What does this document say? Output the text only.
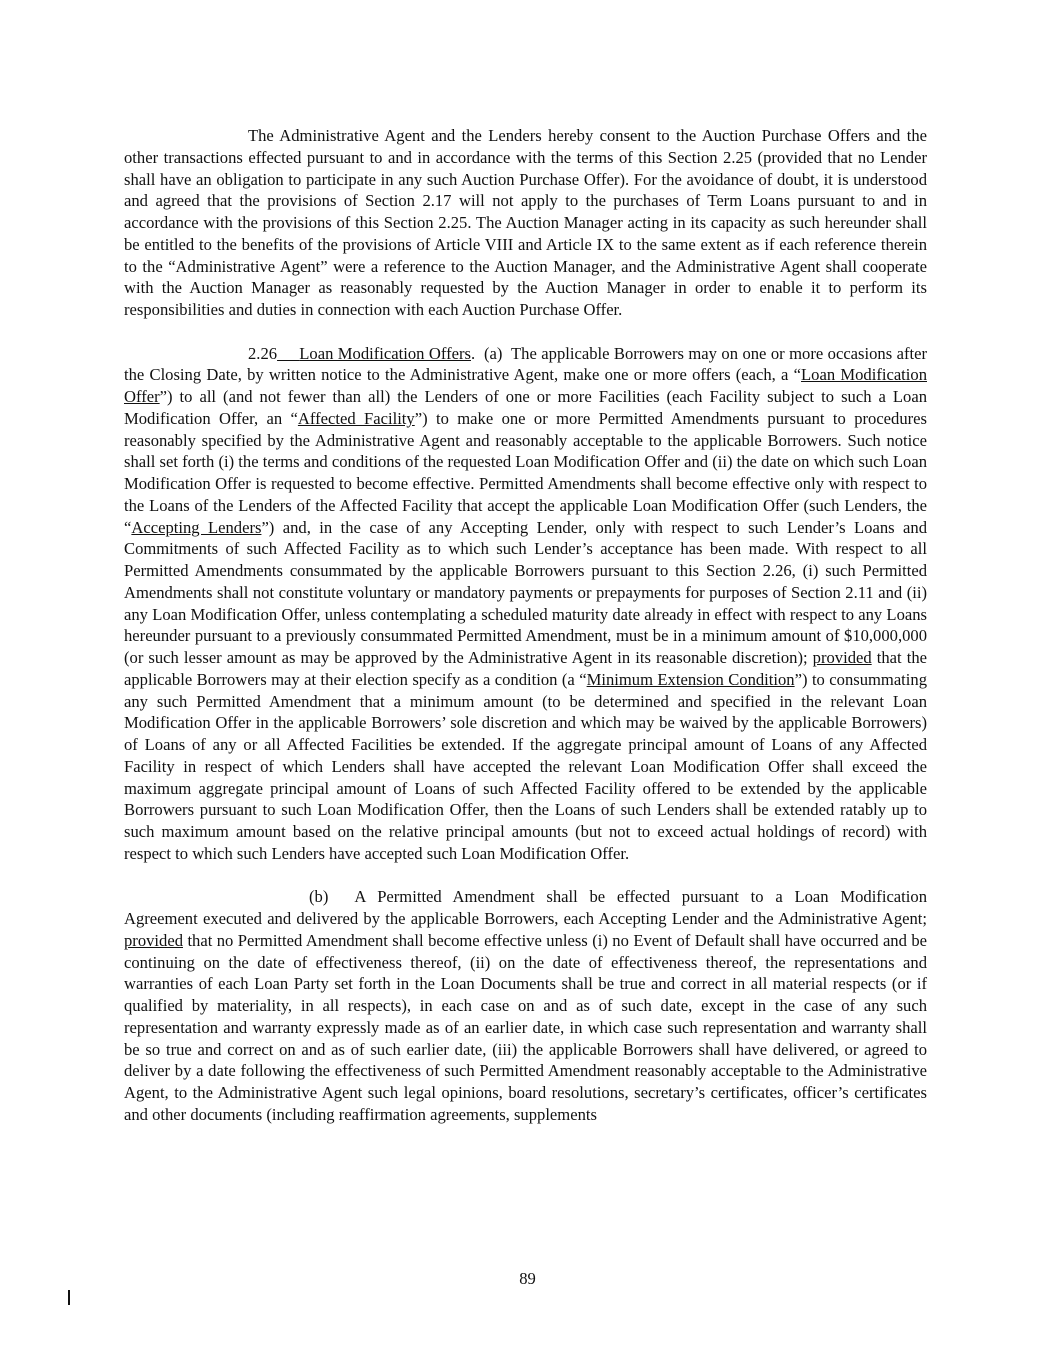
The Administrative Agent and the Lenders hereby consent to the Auction Purchase Offers and the other transactions effected pursuant to and in accordance with the terms of this Section 2.25 (provided that no Lender shall have an obligation to participate in any such Auction Purchase Offer). For the avoidance of doubt, it is understood and agreed that the provisions of Section 2.17 will not apply to the purchases of Term Loans pursuant to and in accordance with the provisions of this Section 2.25. The Auction Manager acting in its capacity as such hereunder shall be entitled to the benefits of the provisions of Article VIII and Article IX to the same extent as if each reference therein to the “Administrative Agent” were a reference to the Auction Manager, and the Administrative Agent shall cooperate with the Auction Manager as reasonably requested by the Auction Manager in order to enable it to perform its responsibilities and duties in connection with each Auction Purchase Offer.

2.26 Loan Modification Offers.  (a) The applicable Borrowers may on one or more occasions after the Closing Date, by written notice to the Administrative Agent, make one or more offers (each, a “Loan Modification Offer”) to all (and not fewer than all) the Lenders of one or more Facilities (each Facility subject to such a Loan Modification Offer, an “Affected Facility”) to make one or more Permitted Amendments pursuant to procedures reasonably specified by the Administrative Agent and reasonably acceptable to the applicable Borrowers. Such notice shall set forth (i) the terms and conditions of the requested Loan Modification Offer and (ii) the date on which such Loan Modification Offer is requested to become effective. Permitted Amendments shall become effective only with respect to the Loans of the Lenders of the Affected Facility that accept the applicable Loan Modification Offer (such Lenders, the “Accepting Lenders”) and, in the case of any Accepting Lender, only with respect to such Lender’s Loans and Commitments of such Affected Facility as to which such Lender’s acceptance has been made. With respect to all Permitted Amendments consummated by the applicable Borrowers pursuant to this Section 2.26, (i) such Permitted Amendments shall not constitute voluntary or mandatory payments or prepayments for purposes of Section 2.11 and (ii) any Loan Modification Offer, unless contemplating a scheduled maturity date already in effect with respect to any Loans hereunder pursuant to a previously consummated Permitted Amendment, must be in a minimum amount of $10,000,000 (or such lesser amount as may be approved by the Administrative Agent in its reasonable discretion); provided that the applicable Borrowers may at their election specify as a condition (a “Minimum Extension Condition”) to consummating any such Permitted Amendment that a minimum amount (to be determined and specified in the relevant Loan Modification Offer in the applicable Borrowers’ sole discretion and which may be waived by the applicable Borrowers) of Loans of any or all Affected Facilities be extended. If the aggregate principal amount of Loans of any Affected Facility in respect of which Lenders shall have accepted the relevant Loan Modification Offer shall exceed the maximum aggregate principal amount of Loans of such Affected Facility offered to be extended by the applicable Borrowers pursuant to such Loan Modification Offer, then the Loans of such Lenders shall be extended ratably up to such maximum amount based on the relative principal amounts (but not to exceed actual holdings of record) with respect to which such Lenders have accepted such Loan Modification Offer.

(b) A Permitted Amendment shall be effected pursuant to a Loan Modification Agreement executed and delivered by the applicable Borrowers, each Accepting Lender and the Administrative Agent; provided that no Permitted Amendment shall become effective unless (i) no Event of Default shall have occurred and be continuing on the date of effectiveness thereof, (ii) on the date of effectiveness thereof, the representations and warranties of each Loan Party set forth in the Loan Documents shall be true and correct in all material respects (or if qualified by materiality, in all respects), in each case on and as of such date, except in the case of any such representation and warranty expressly made as of an earlier date, in which case such representation and warranty shall be so true and correct on and as of such earlier date, (iii) the applicable Borrowers shall have delivered, or agreed to deliver by a date following the effectiveness of such Permitted Amendment reasonably acceptable to the Administrative Agent, to the Administrative Agent such legal opinions, board resolutions, secretary’s certificates, officer’s certificates and other documents (including reaffirmation agreements, supplements

89
